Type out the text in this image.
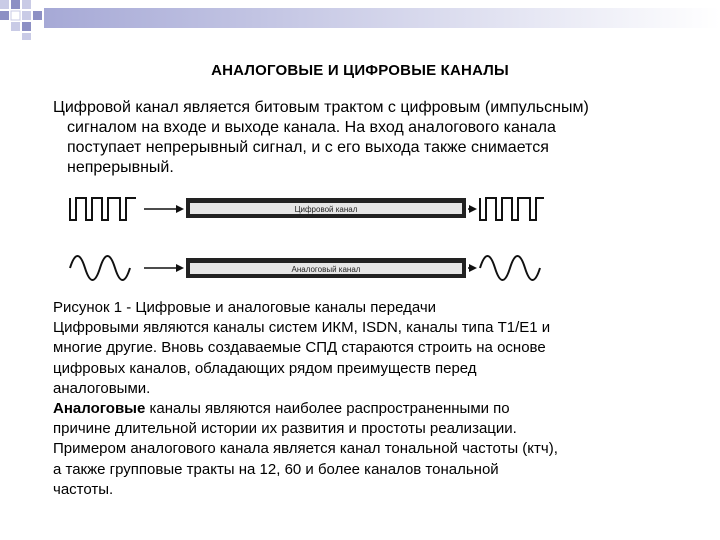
АНАЛОГОВЫЕ И ЦИФРОВЫЕ КАНАЛЫ
Цифровой канал является битовым трактом с цифровым (импульсным)
сигналом на входе и выходе канала. На вход аналогового канала
поступает непрерывный сигнал, и с его выхода также снимается
непрерывный.
Цифровой канал
Аналоговый канал
Рисунок 1 - Цифровые и аналоговые каналы передачи
Цифровыми являются каналы систем ИКМ, ISDN, каналы типа Т1/Е1 и
многие другие. Вновь создаваемые СПД стараются строить на основе
цифровых каналов, обладающих рядом преимуществ перед
аналоговыми.
Аналоговые каналы являются наиболее распространенными по
причине длительной истории их развития и простоты реализации.
Примером аналогового канала является канал тональной частоты (ктч),
а также групповые тракты на 12, 60 и более каналов тональной
частоты.
